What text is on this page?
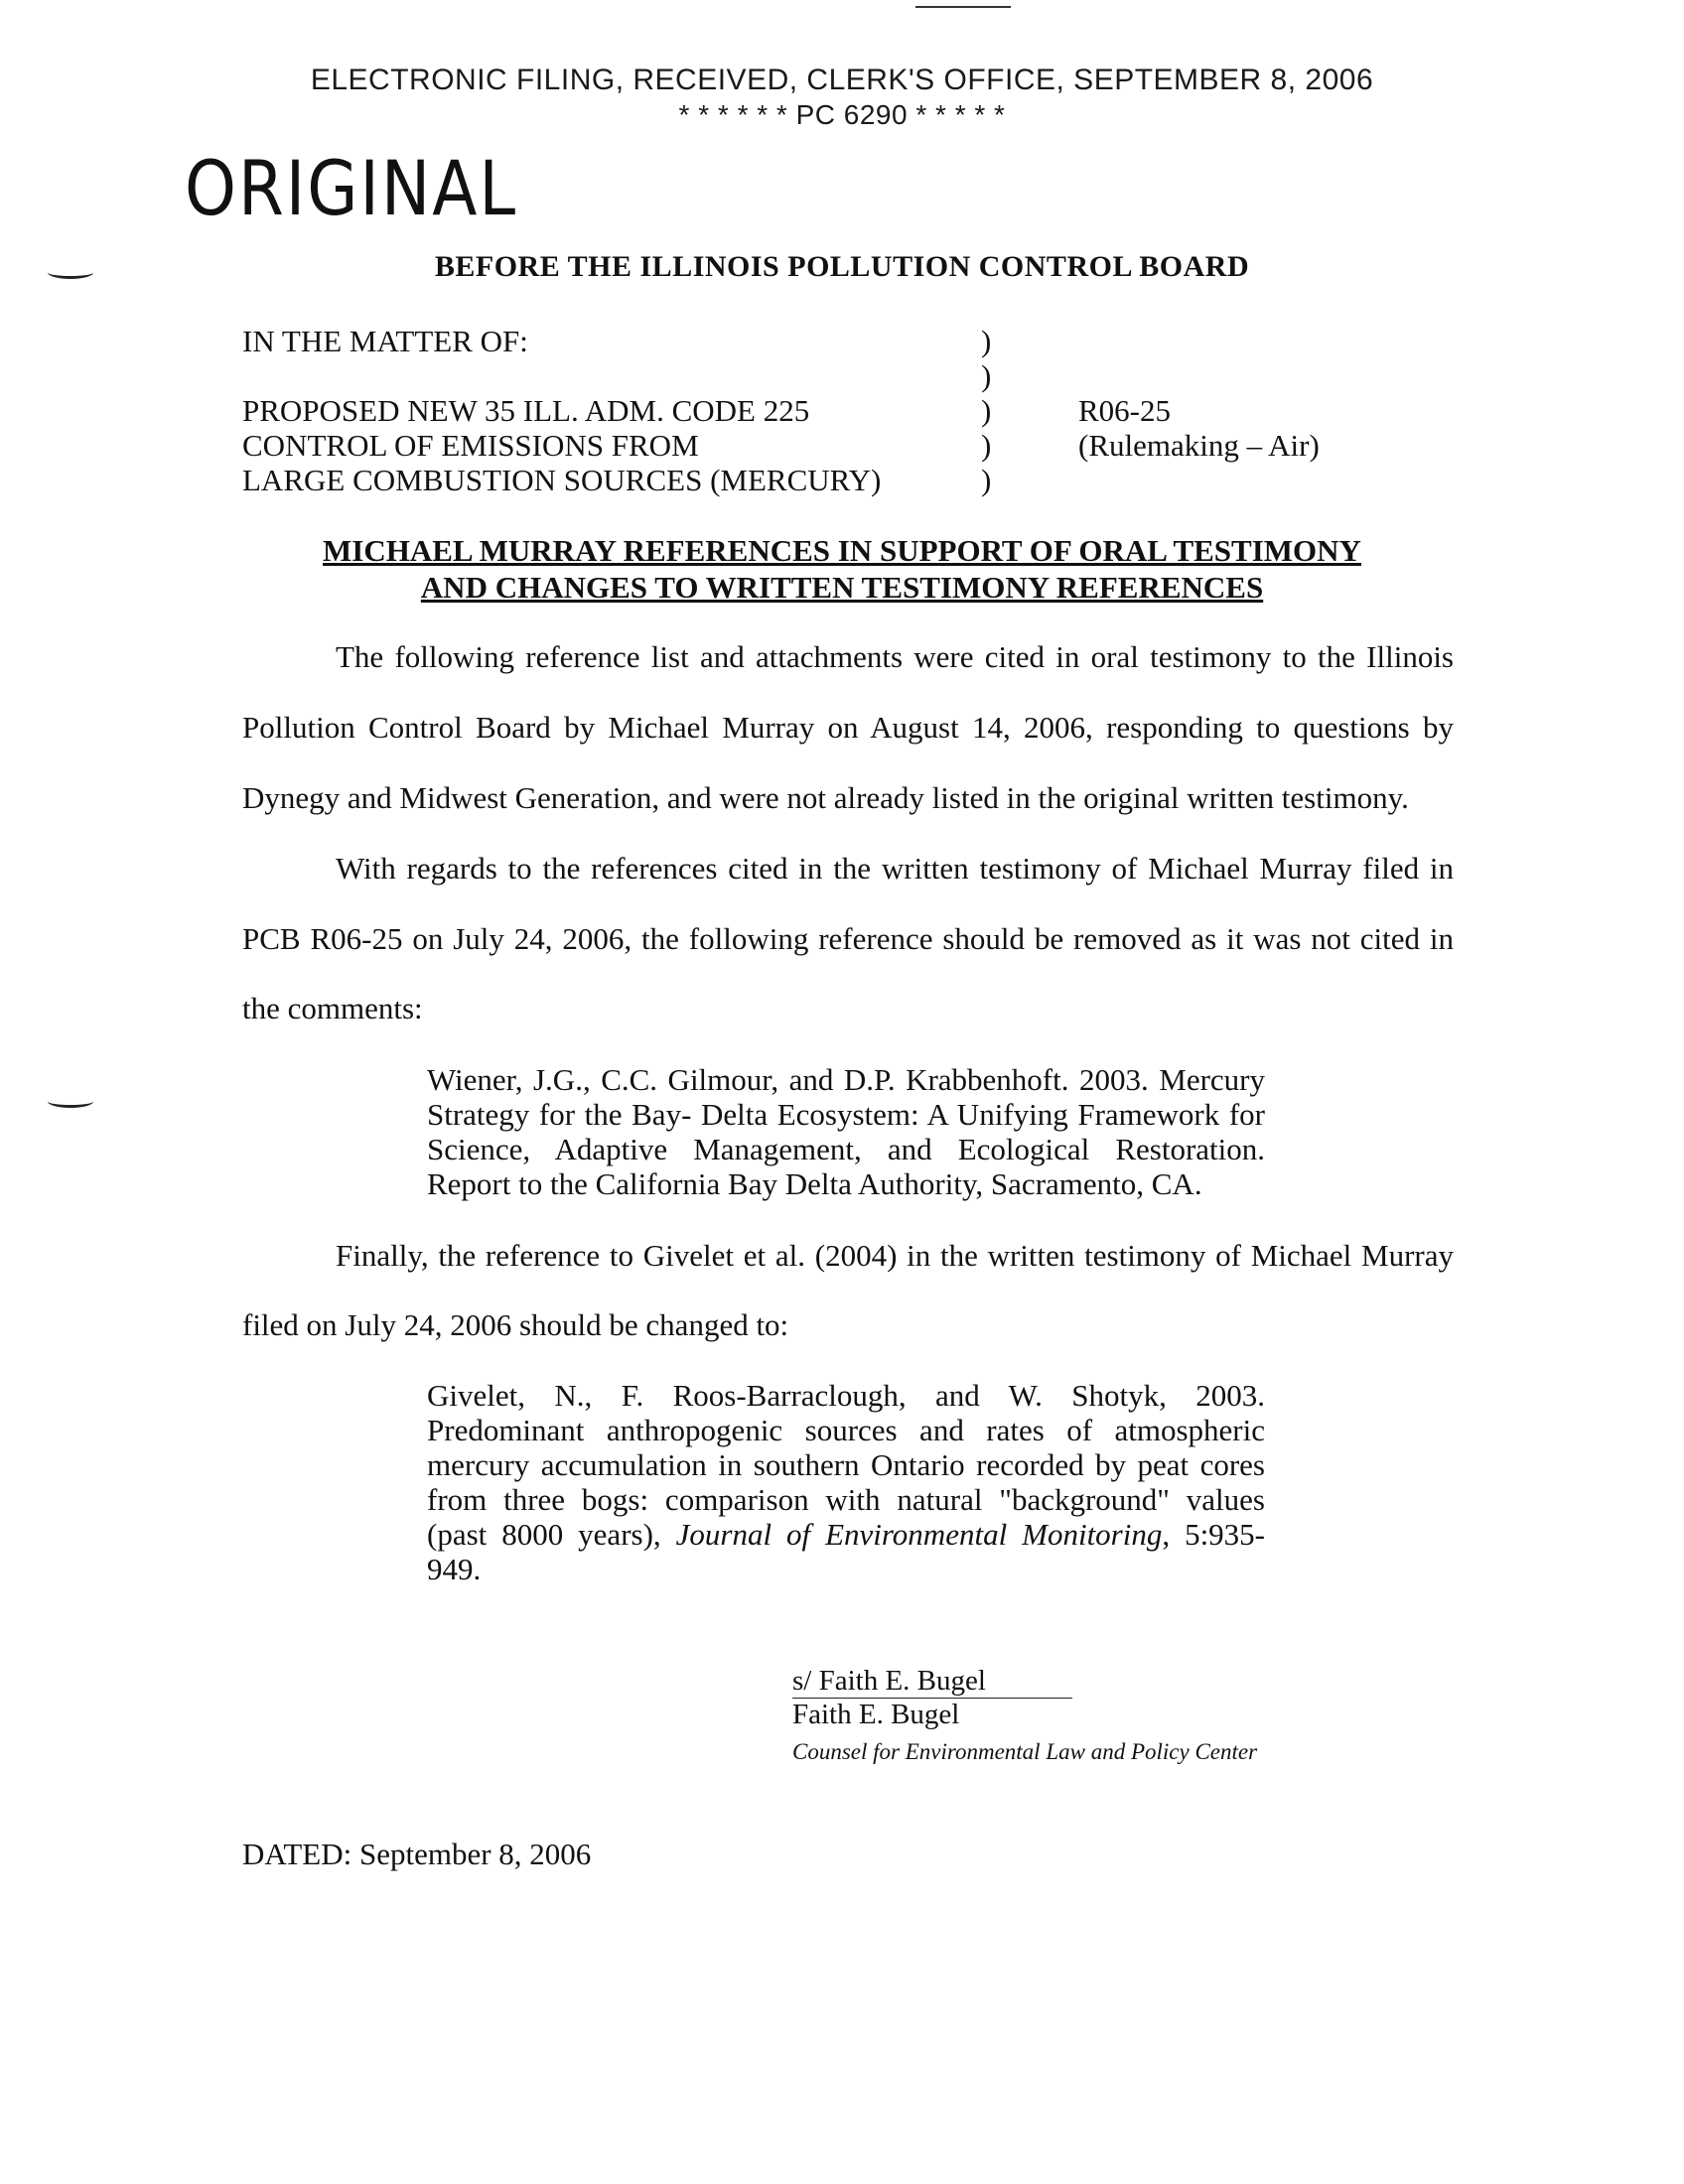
ELECTRONIC FILING, RECEIVED, CLERK'S OFFICE, SEPTEMBER 8, 2006
* * * * * * PC 6290 * * * * *
ORIGINAL
BEFORE THE ILLINOIS POLLUTION CONTROL BOARD
IN THE MATTER OF:
PROPOSED NEW 35 ILL. ADM. CODE 225
CONTROL OF EMISSIONS FROM
LARGE COMBUSTION SOURCES (MERCURY)
)
)
)
)
)
R06-25
(Rulemaking – Air)
MICHAEL MURRAY REFERENCES IN SUPPORT OF ORAL TESTIMONY
AND CHANGES TO WRITTEN TESTIMONY REFERENCES
The following reference list and attachments were cited in oral testimony to the Illinois
Pollution Control Board by Michael Murray on August 14, 2006, responding to questions by
Dynegy and Midwest Generation, and were not already listed in the original written testimony.
With regards to the references cited in the written testimony of Michael Murray filed in
PCB R06-25 on July 24, 2006, the following reference should be removed as it was not cited in
the comments:
Wiener, J.G., C.C. Gilmour, and D.P. Krabbenhoft. 2003. Mercury Strategy for the Bay- Delta Ecosystem: A Unifying Framework for Science, Adaptive Management, and Ecological Restoration. Report to the California Bay Delta Authority, Sacramento, CA.
Finally, the reference to Givelet et al. (2004) in the written testimony of Michael Murray
filed on July 24, 2006 should be changed to:
Givelet, N., F. Roos-Barraclough, and W. Shotyk, 2003. Predominant anthropogenic sources and rates of atmospheric mercury accumulation in southern Ontario recorded by peat cores from three bogs: comparison with natural "background" values (past 8000 years), Journal of Environmental Monitoring, 5:935-949.
s/ Faith E. Bugel
Faith E. Bugel
Counsel for Environmental Law and Policy Center
DATED: September 8, 2006
